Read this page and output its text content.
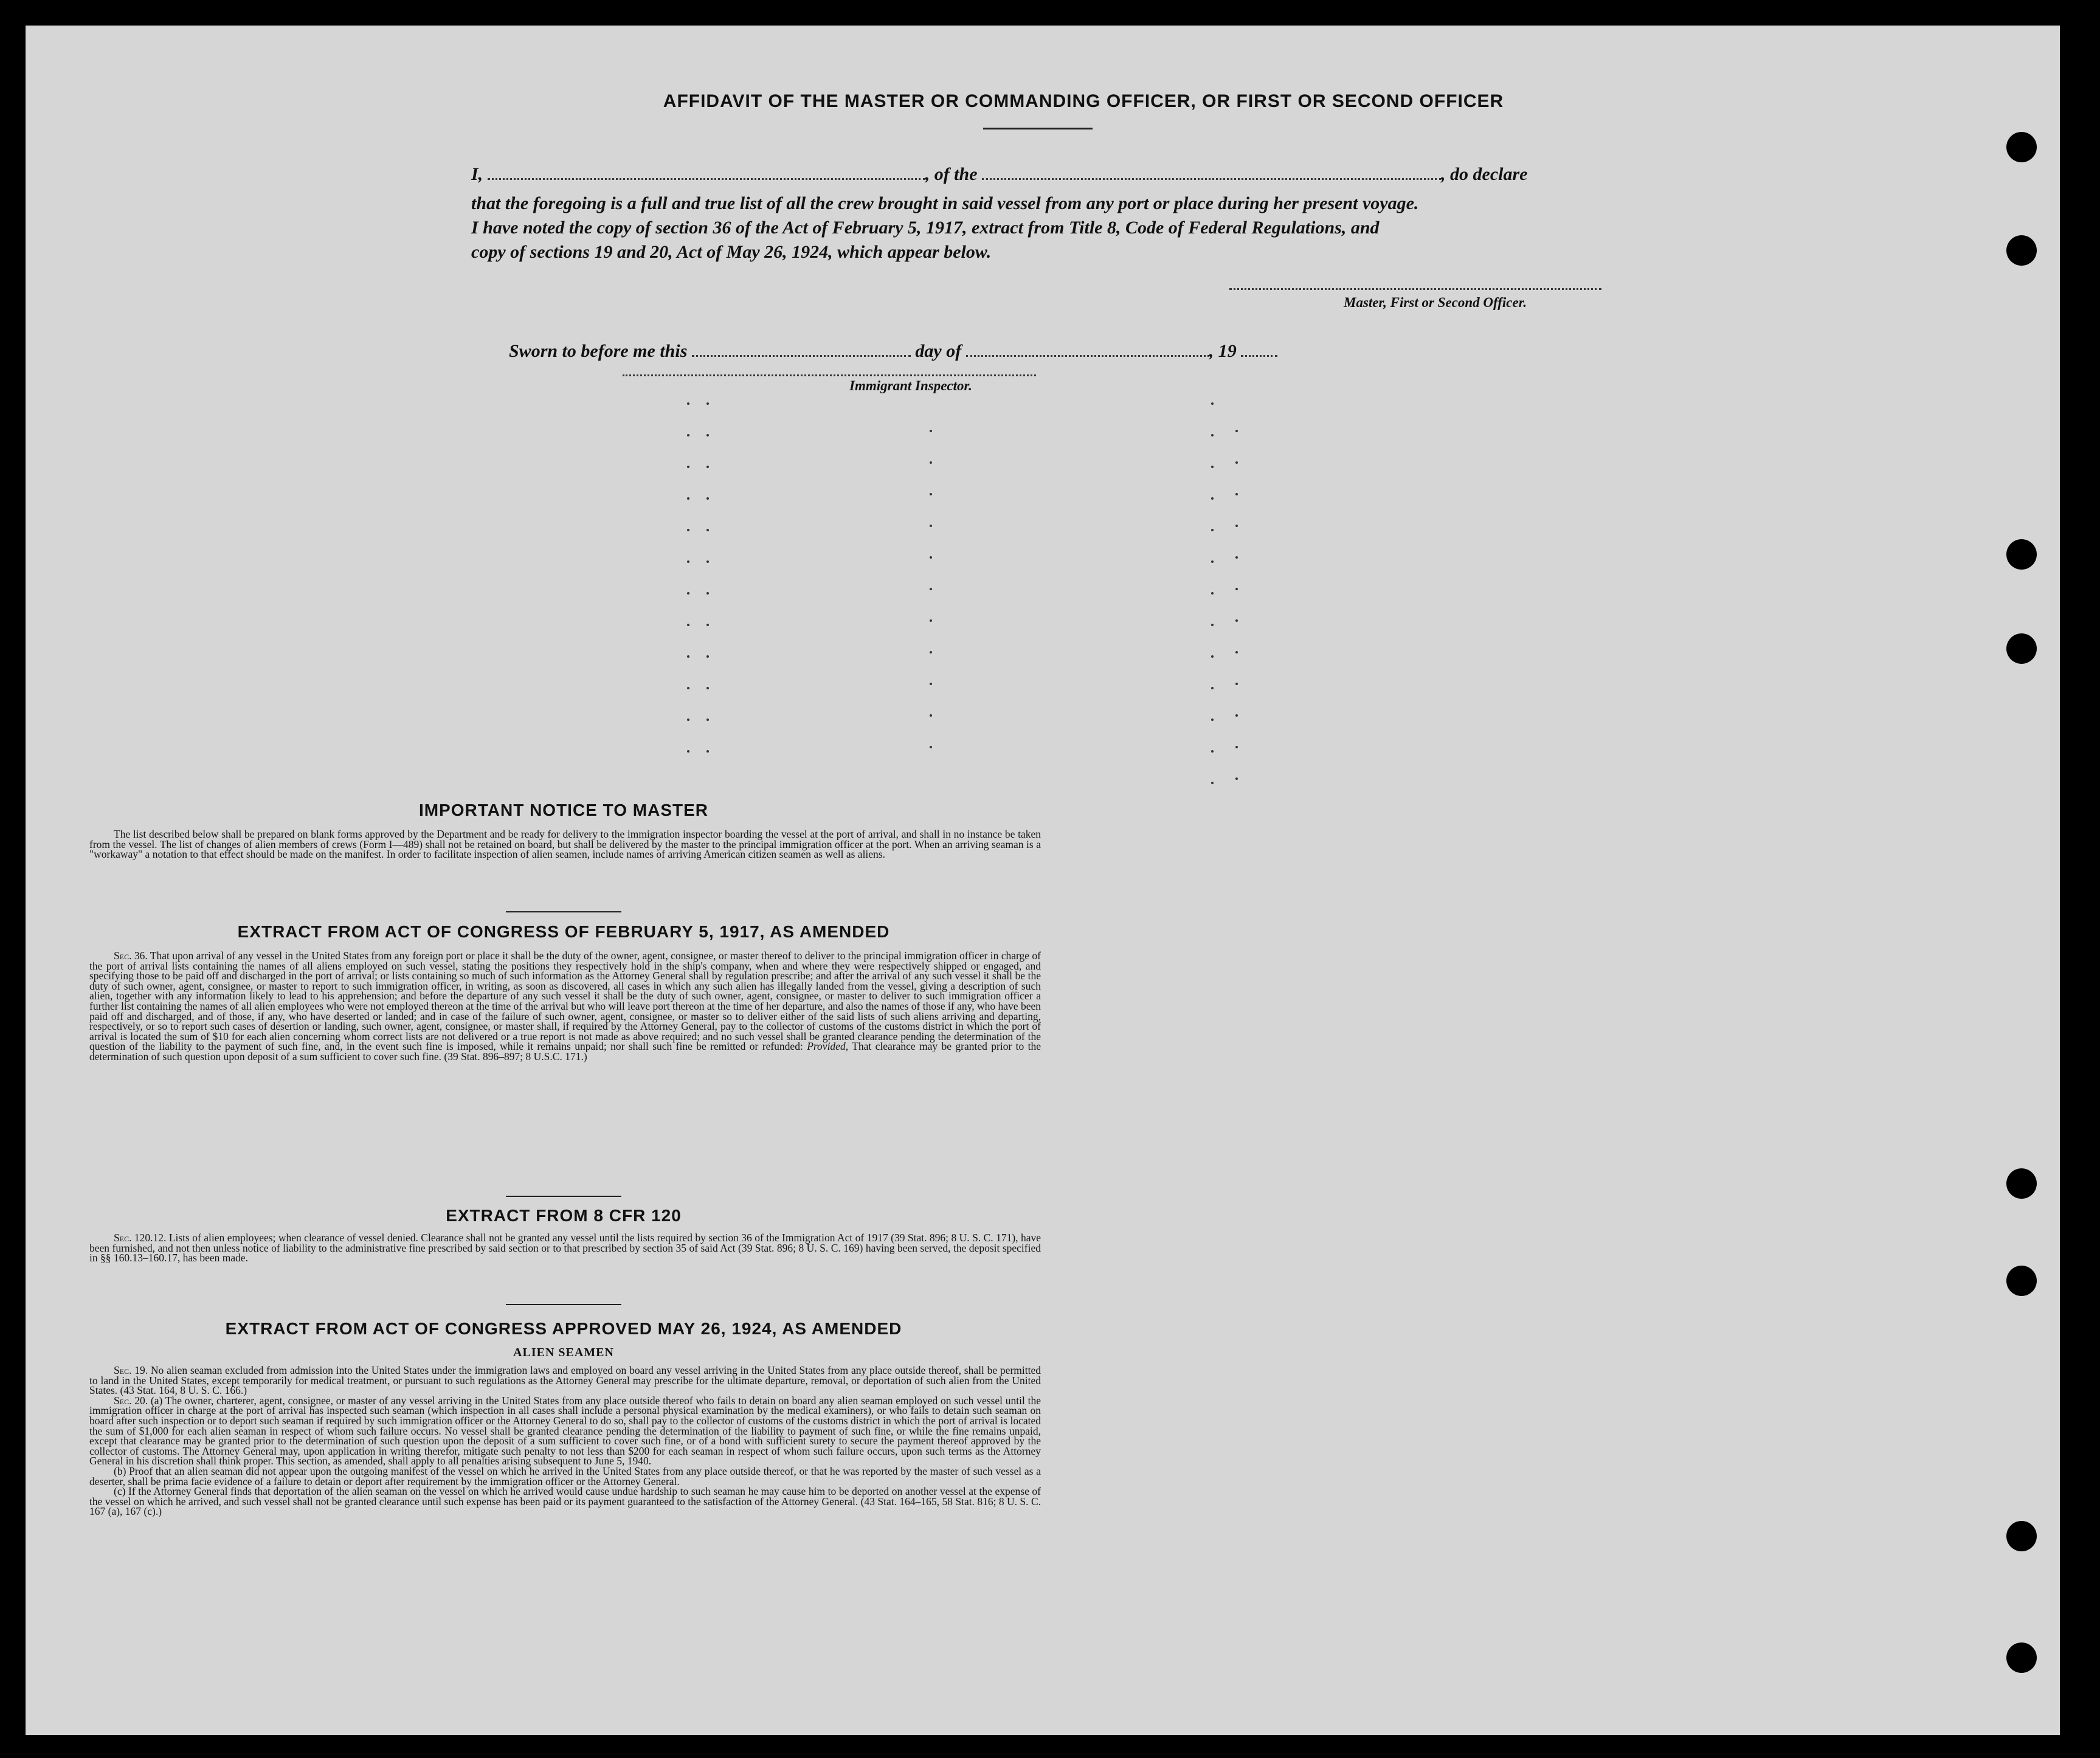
AFFIDAVIT OF THE MASTER OR COMMANDING OFFICER, OR FIRST OR SECOND OFFICER

I,	, of the	, do declare

that the foregoing is a full and true list of all the crew brought in said vessel from any port or place during her present voyage.

I have noted the copy of section 36 of the Act of February 5, 1917, extract from Title 8, Code of Federal Regulations, and

copy of sections 19 and 20, Act of May 26, 1924, which appear below.

Master, First or Second Officer.
Sworn to before me this	day of	, 19
Immigrant Inspector.
IMPORTANT NOTICE TO MASTER

The list described below shall be prepared on blank forms approved by the Department and be ready for delivery to the immigration inspector boarding the vessel at the port of arrival, and shall in no instance be taken from the vessel. The list of changes of alien members of crews (Form I—489) shall not be retained on board, but shall be delivered by the master to the principal immigration officer at the port. When an arriving seaman is a "workaway" a notation to that effect should be made on the manifest. In order to facilitate inspection of alien seamen, include names of arriving American citizen seamen as well as aliens.

EXTRACT FROM ACT OF CONGRESS OF FEBRUARY 5, 1917, AS AMENDED

Sec. 36. That upon arrival of any vessel in the United States from any foreign port or place it shall be the duty of the owner, agent, consignee, or master thereof to deliver to the principal immigration officer in charge of the port of arrival lists containing the names of all aliens employed on such vessel, stating the positions they respectively hold in the ship's company, when and where they were respectively shipped or engaged, and specifying those to be paid off and discharged in the port of arrival; or lists containing so much of such information as the Attorney General shall by regulation prescribe; and after the arrival of any such vessel it shall be the duty of such owner, agent, consignee, or master to report to such immigration officer, in writing, as soon as discovered, all cases in which any such alien has illegally landed from the vessel, giving a description of such alien, together with any information likely to lead to his apprehension; and before the departure of any such vessel it shall be the duty of such owner, agent, consignee, or master to deliver to such immigration officer a further list containing the names of all alien employees who were not employed thereon at the time of the arrival but who will leave port thereon at the time of her departure, and also the names of those if any, who have been paid off and discharged, and of those, if any, who have deserted or landed; and in case of the failure of such owner, agent, consignee, or master so to deliver either of the said lists of such aliens arriving and departing, respectively, or so to report such cases of desertion or landing, such owner, agent, consignee, or master shall, if required by the Attorney General, pay to the collector of customs of the customs district in which the port of arrival is located the sum of $10 for each alien concerning whom correct lists are not delivered or a true report is not made as above required; and no such vessel shall be granted clearance pending the determination of the question of the liability to the payment of such fine, and, in the event such fine is imposed, while it remains unpaid; nor shall such fine be remitted or refunded: Provided, That clearance may be granted prior to the determination of such question upon deposit of a sum sufficient to cover such fine. (39 Stat. 896–897; 8 U.S.C. 171.)

EXTRACT FROM 8 CFR 120

Sec. 120.12. Lists of alien employees; when clearance of vessel denied. Clearance shall not be granted any vessel until the lists required by section 36 of the Immigration Act of 1917 (39 Stat. 896; 8 U. S. C. 171), have been furnished, and not then unless notice of liability to the administrative fine prescribed by said section or to that prescribed by section 35 of said Act (39 Stat. 896; 8 U. S. C. 169) having been served, the deposit specified in §§ 160.13–160.17, has been made.

EXTRACT FROM ACT OF CONGRESS APPROVED MAY 26, 1924, AS AMENDED
ALIEN SEAMEN

Sec. 19. No alien seaman excluded from admission into the United States under the immigration laws and employed on board any vessel arriving in the United States from any place outside thereof, shall be permitted to land in the United States, except temporarily for medical treatment, or pursuant to such regulations as the Attorney General may prescribe for the ultimate departure, removal, or deportation of such alien from the United States. (43 Stat. 164, 8 U. S. C. 166.)

Sec. 20. (a) The owner, charterer, agent, consignee, or master of any vessel arriving in the United States from any place outside thereof who fails to detain on board any alien seaman employed on such vessel until the immigration officer in charge at the port of arrival has inspected such seaman (which inspection in all cases shall include a personal physical examination by the medical examiners), or who fails to detain such seaman on board after such inspection or to deport such seaman if required by such immigration officer or the Attorney General to do so, shall pay to the collector of customs of the customs district in which the port of arrival is located the sum of $1,000 for each alien seaman in respect of whom such failure occurs. No vessel shall be granted clearance pending the determination of the liability to payment of such fine, or while the fine remains unpaid, except that clearance may be granted prior to the determination of such question upon the deposit of a sum sufficient to cover such fine, or of a bond with sufficient surety to secure the payment thereof approved by the collector of customs. The Attorney General may, upon application in writing therefor, mitigate such penalty to not less than $200 for each seaman in respect of whom such failure occurs, upon such terms as the Attorney General in his discretion shall think proper. This section, as amended, shall apply to all penalties arising subsequent to June 5, 1940.

(b) Proof that an alien seaman did not appear upon the outgoing manifest of the vessel on which he arrived in the United States from any place outside thereof, or that he was reported by the master of such vessel as a deserter, shall be prima facie evidence of a failure to detain or deport after requirement by the immigration officer or the Attorney General.

(c) If the Attorney General finds that deportation of the alien seaman on the vessel on which he arrived would cause undue hardship to such seaman he may cause him to be deported on another vessel at the expense of the vessel on which he arrived, and such vessel shall not be granted clearance until such expense has been paid or its payment guaranteed to the satisfaction of the Attorney General. (43 Stat. 164–165, 58 Stat. 816; 8 U. S. C. 167 (a), 167 (c).)
